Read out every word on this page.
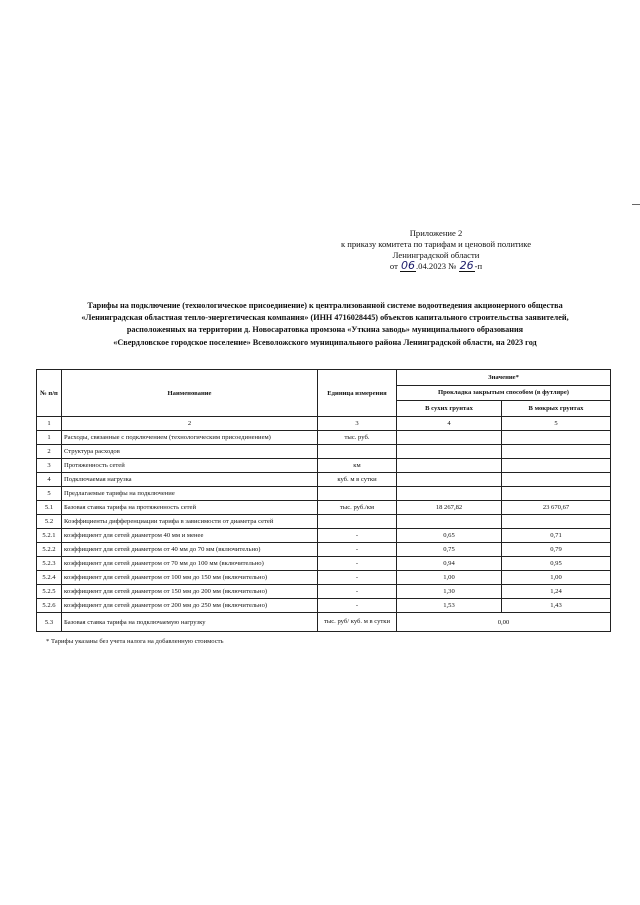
Приложение 2
к приказу комитета по тарифам и ценовой политике
Ленинградской области
от 06.04.2023 № 26-п
Тарифы на подключение (технологическое присоединение) к централизованной системе водоотведения акционерного общества
«Ленинградская областная тепло-энергетическая компания» (ИНН 4716028445) объектов капитального строительства заявителей,
расположенных на территории д. Новосаратовка промзона «Уткина заводь» муниципального образования
«Свердловское городское поселение» Всеволожского муниципального района Ленинградской области, на 2023 год
№ п/п	Наименование	Единица измерения	Значение*	
			Прокладка закрытым способом (в футляре)	
			В сухих грунтах	В мокрых грунтах
1	2	3	4	5
1	Расходы, связанные с подключением (технологическим присоединением)	тыс. руб.		
2	Структура расходов			
3	Протяженность сетей	км		
4	Подключаемая нагрузка	куб. м в сутки		
5	Предлагаемые тарифы на подключение			
5.1	Базовая ставка тарифа на протяженность сетей	тыс. руб./км	18 267,82	23 670,67
5.2	Коэффициенты дифференциации тарифа в зависимости от диаметра сетей			
5.2.1	коэффициент для сетей диаметром 40 мм и менее	-	0,65	0,71
5.2.2	коэффициент для сетей диаметром от 40 мм до 70 мм (включительно)	-	0,75	0,79
5.2.3	коэффициент для сетей диаметром от 70 мм до 100 мм (включительно)	-	0,94	0,95
5.2.4	коэффициент для сетей диаметром от 100 мм до 150 мм (включительно)	-	1,00	1,00
5.2.5	коэффициент для сетей диаметром от 150 мм до 200 мм (включительно)	-	1,30	1,24
5.2.6	коэффициент для сетей диаметром от 200 мм до 250 мм (включительно)	-	1,53	1,43
5.3	Базовая ставка тарифа на подключаемую нагрузку	тыс. руб/ куб. м в сутки	0,00	
* Тарифы указаны без учета налога на добавленную стоимость
